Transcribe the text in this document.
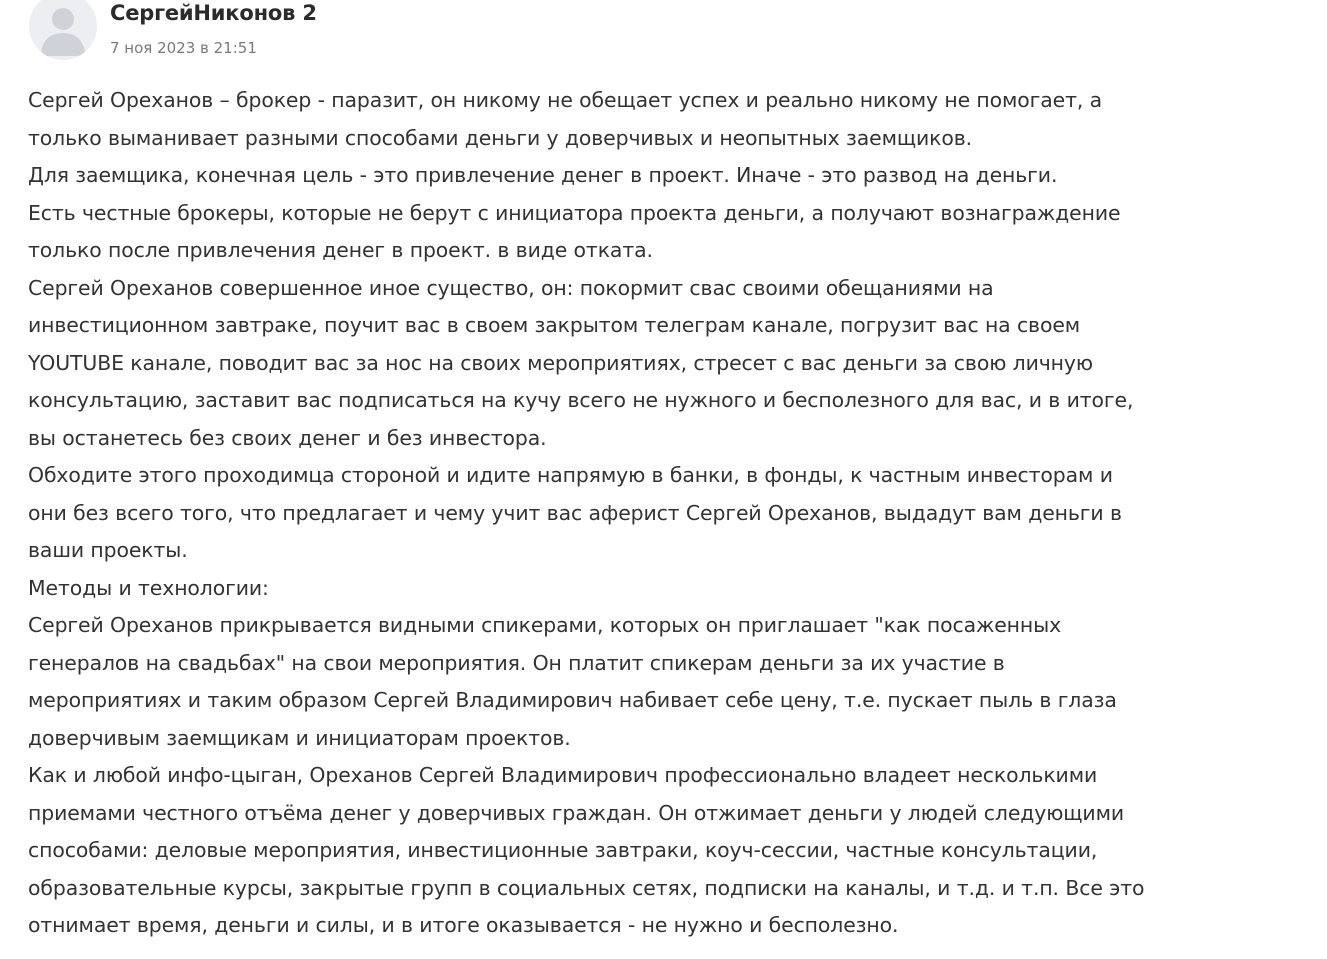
СергейНиконов 2
7 ноя 2023 в 21:51
Сергей Ореханов – брокер - паразит, он никому не обещает успех и реально никому не помогает, а
только выманивает разными способами деньги у доверчивых и неопытных заемщиков.
Для заемщика, конечная цель - это привлечение денег в проект. Иначе - это развод на деньги.
Есть честные брокеры, которые не берут с инициатора проекта деньги, а получают вознаграждение
только после привлечения денег в проект. в виде отката.
Сергей Ореханов совершенное иное существо, он: покормит свас своими обещаниями на
инвестиционном завтраке, поучит вас в своем закрытом телеграм канале, погрузит вас на своем
YOUTUBE канале, поводит вас за нос на своих мероприятиях, стресет с вас деньги за свою личную
консультацию, заставит вас подписаться на кучу всего не нужного и бесполезного для вас, и в итоге,
вы останетесь без своих денег и без инвестора.
Обходите этого проходимца стороной и идите напрямую в банки, в фонды, к частным инвесторам и
они без всего того, что предлагает и чему учит вас аферист Сергей Ореханов, выдадут вам деньги в
ваши проекты.
Методы и технологии:
Сергей Ореханов прикрывается видными спикерами, которых он приглашает "как посаженных
генералов на свадьбах" на свои мероприятия. Он платит спикерам деньги за их участие в
мероприятиях и таким образом Сергей Владимирович набивает себе цену, т.е. пускает пыль в глаза
доверчивым заемщикам и инициаторам проектов.
Как и любой инфо-цыган, Ореханов Сергей Владимирович профессионально владеет несколькими
приемами честного отъёма денег у доверчивых граждан. Он отжимает деньги у людей следующими
способами: деловые мероприятия, инвестиционные завтраки, коуч-сессии, частные консультации,
образовательные курсы, закрытые групп в социальных сетях, подписки на каналы, и т.д. и т.п. Все это
отнимает время, деньги и силы, и в итоге оказывается - не нужно и бесполезно.
